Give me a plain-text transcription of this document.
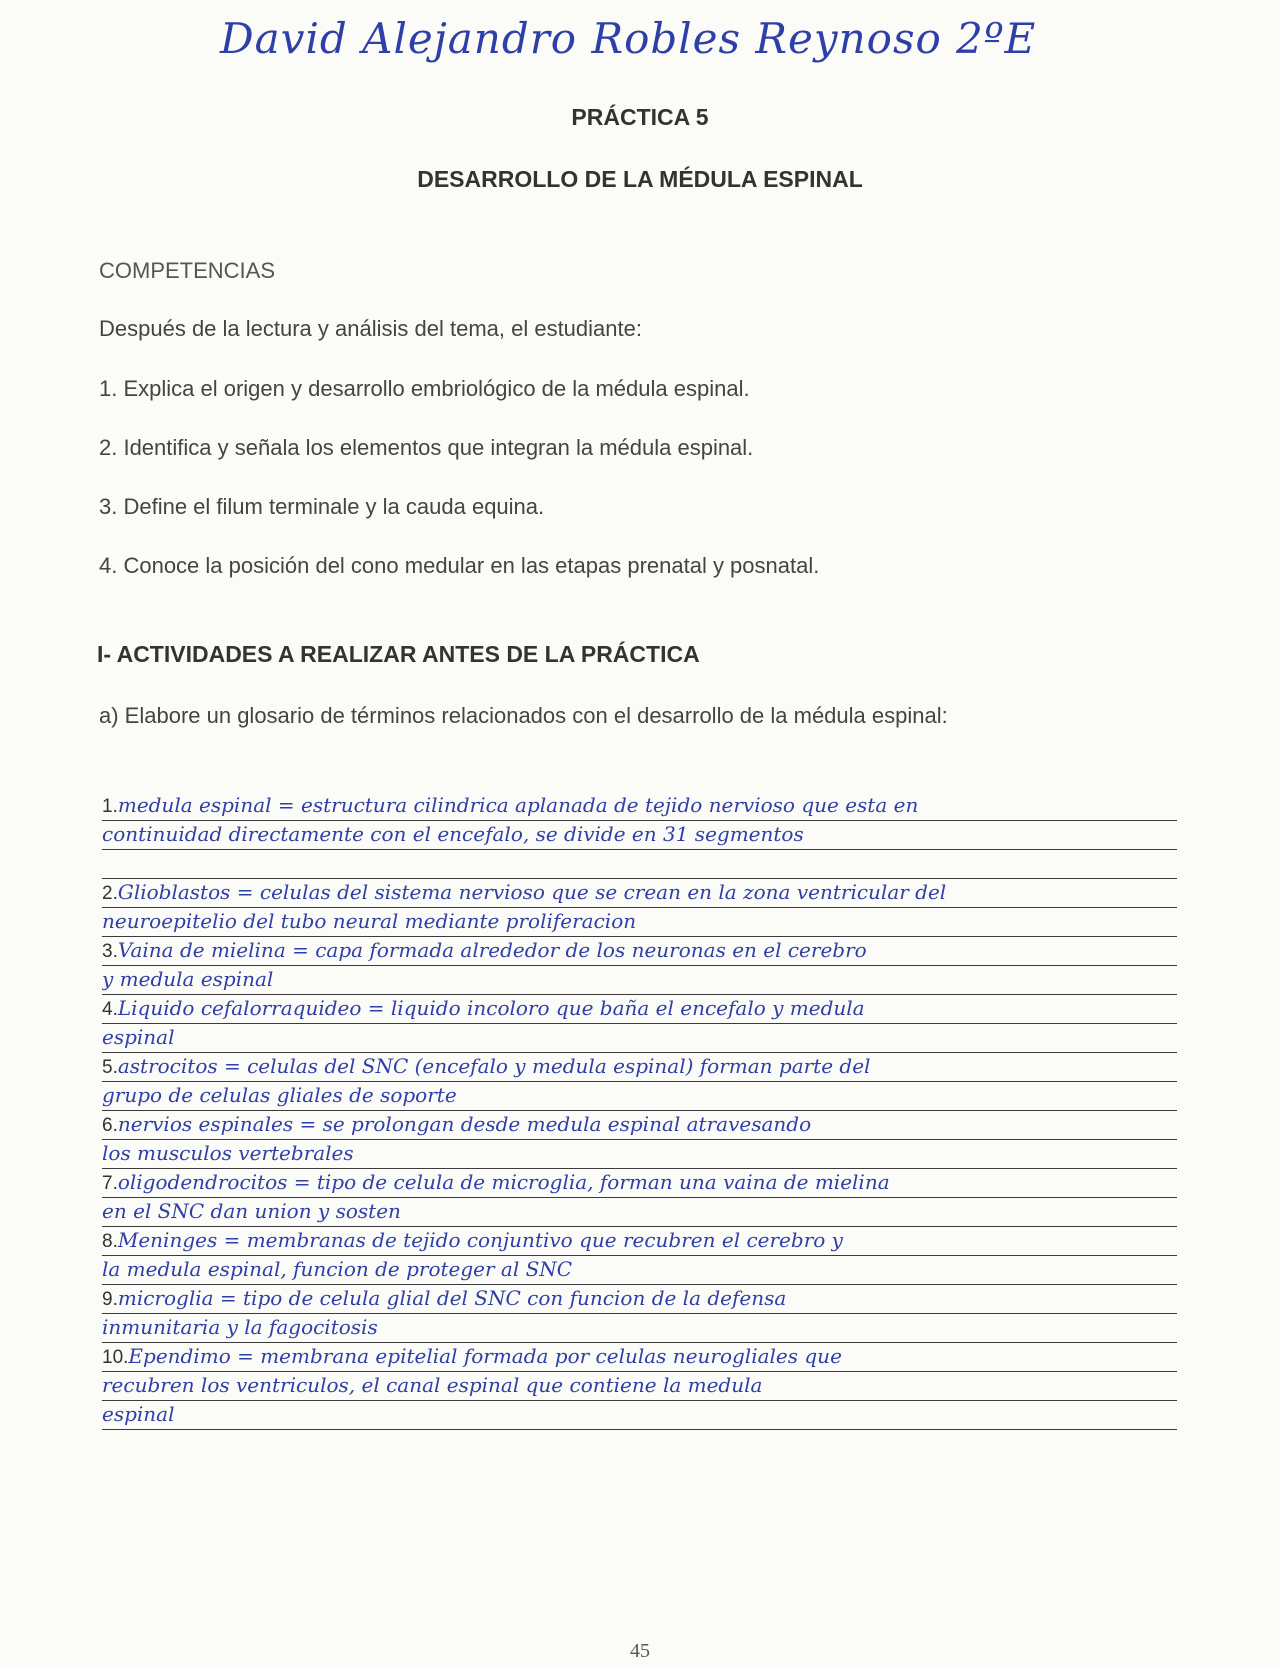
David Alejandro Robles Reynoso 2ºE
PRÁCTICA 5
DESARROLLO DE LA MÉDULA ESPINAL
COMPETENCIAS
Después de la lectura y análisis del tema, el estudiante:
1. Explica el origen y desarrollo embriológico de la médula espinal.
2. Identifica y señala los elementos que integran la médula espinal.
3. Define el filum terminale y la cauda equina.
4. Conoce la posición del cono medular en las etapas prenatal y posnatal.
I- ACTIVIDADES A REALIZAR ANTES DE LA PRÁCTICA
a) Elabore un glosario de términos relacionados con el desarrollo de la médula espinal:
1.medula espinal = estructura cilindrica aplanada de tejido nervioso que esta en
continuidad directamente con el encefalo, se divide en 31 segmentos
2.Glioblastos = celulas del sistema nervioso que se crean en la zona ventricular del
neuroepitelio del tubo neural mediante proliferacion
3.Vaina de mielina = capa formada alrededor de los neuronas en el cerebro
y medula espinal
4.Liquido cefalorraquideo = liquido incoloro que baña el encefalo y medula
espinal
5.astrocitos = celulas del SNC (encefalo y medula espinal) forman parte del
grupo de celulas gliales de soporte
6.nervios espinales = se prolongan desde medula espinal atravesando
los musculos vertebrales
7.oligodendrocitos = tipo de celula de microglia, forman una vaina de mielina
en el SNC dan union y sosten
8.Meninges = membranas de tejido conjuntivo que recubren el cerebro y
la medula espinal, funcion de proteger al SNC
9.microglia = tipo de celula glial del SNC con funcion de la defensa
inmunitaria y la fagocitosis
10.Ependimo = membrana epitelial formada por celulas neurogliales que
recubren los ventriculos, el canal espinal que contiene la medula
espinal
45
